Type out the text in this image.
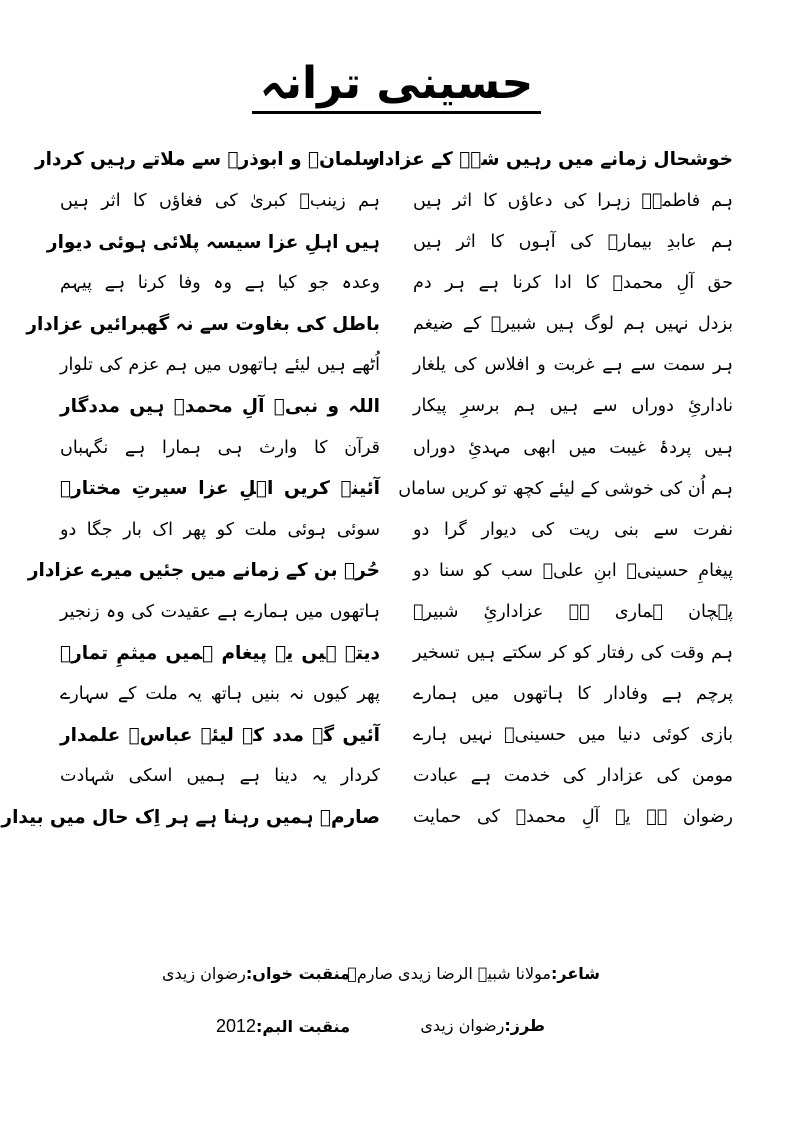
حسینی ترانہ
خوشحال زمانے میں رہیں شہؑ کے عزادار
سلمانؑ و ابوذرؓ سے ملاتے رہیں کردار
ہم فاطمہؑ زہرا کی دعاؤں کا اثر ہیں
ہم زینبؑ کبریٰ کی فغاؤں کا اثر ہیں
ہم عابدِ بیمارؑ کی آہوں کا اثر ہیں
ہیں اہلِ عزا سیسہ پلائی ہوئی دیوار
حق آلِ محمدؐ کا ادا کرنا ہے ہر دم
وعدہ جو کیا ہے وہ وفا کرنا ہے پیہم
بزدل نہیں ہم لوگ ہیں شبیرؑ کے ضیغم
باطل کی بغاوت سے نہ گھبرائیں عزادار
ہر سمت سے ہے غربت و افلاس کی یلغار
اُٹھے ہیں لیئے ہاتھوں میں ہم عزم کی تلوار
نادارئِ دوراں سے ہیں ہم برسرِ پیکار
اللہ و نبیؐ آلِ محمدؐ ہیں مددگار
ہیں پردۂ غیبت میں ابھی مہدئِ دوراں
قرآن کا وارث ہی ہمارا ہے نگہباں
ہم اُن کی خوشی کے لیئے کچھ تو کریں ساماں
آئینہ کریں اہلِ عزا سیرتِ مختارؒ
نفرت سے بنی ریت کی دیوار گرا دو
سوئی ہوئی ملت کو پھر اک بار جگا دو
پیغامِ حسینیؑ ابنِ علیؑ سب کو سنا دو
حُرؑ بن کے زمانے میں جئیں میرے عزادار
پہچان ہماری ہے عزادارئِ شبیرؑ
ہاتھوں میں ہمارے ہے عقیدت کی وہ زنجیر
ہم وقت کی رفتار کو کر سکتے ہیں تسخیر
دیتے ہیں یہ پیغام ہمیں میثمِ تمارؓ
پرچم ہے وفادار کا ہاتھوں میں ہمارے
پھر کیوں نہ بنیں ہاتھ یہ ملت کے سہارے
بازی کوئی دنیا میں حسینیؑ نہیں ہارے
آئیں گے مدد کے لیئے عباسؑ علمدار
مومن کی عزادار کی خدمت ہے عبادت
کردار یہ دینا ہے ہمیں اسکی شہادت
رضوان ہے یہ آلِ محمدؐ کی حمایت
صارمؔ ہمیں رہنا ہے ہر اِک حال میں بیدار
شاعر:مولانا شبیہ الرضا زیدی صارمؔ
منقبت خواں:رضوان زیدی
طرز:رضوان زیدی
منقبت البم:2012
